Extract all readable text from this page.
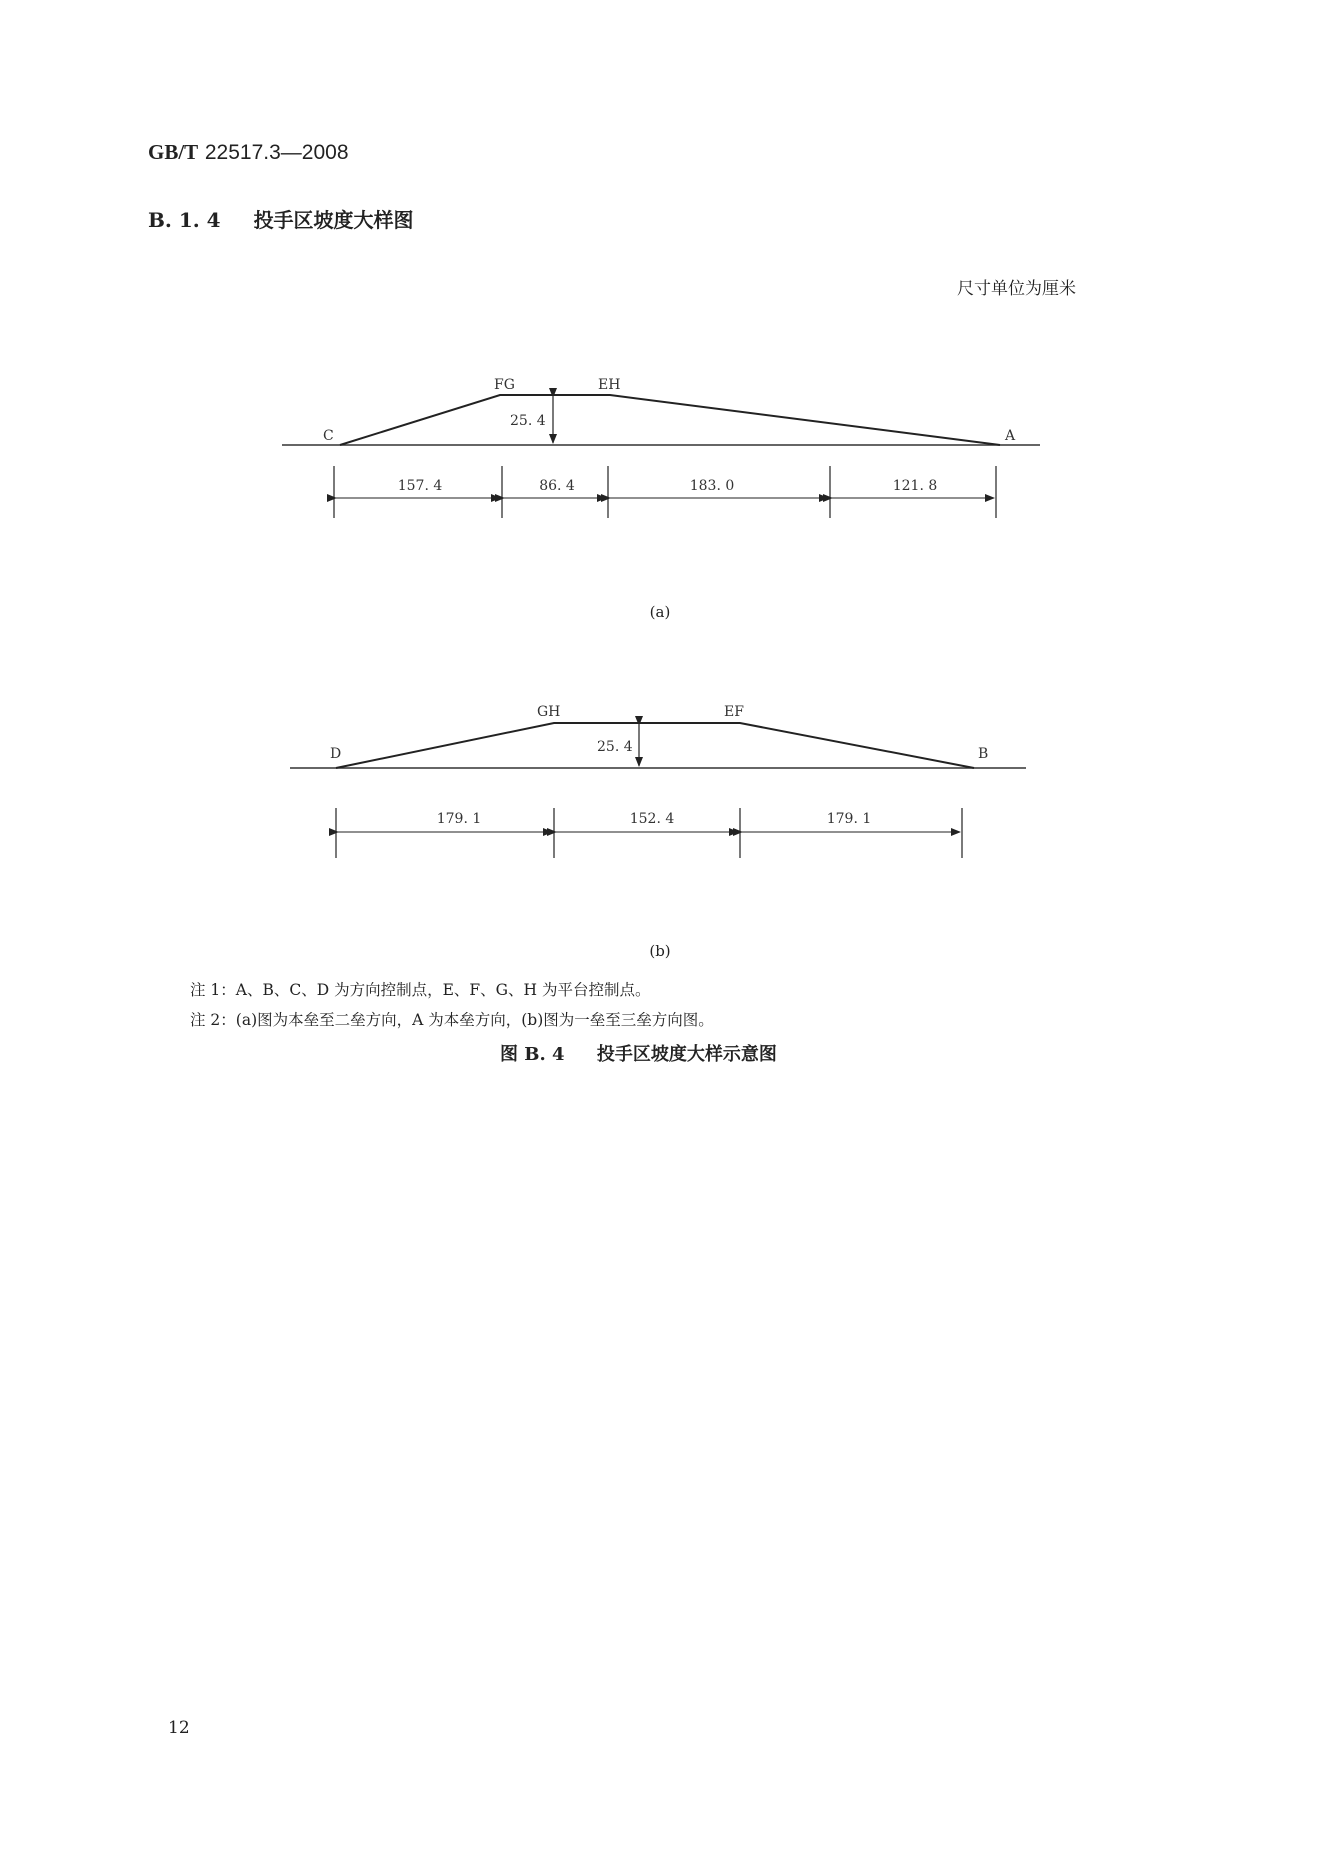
GB/T 22517.3—2008
B. 1. 4 投手区坡度大样图
尺寸单位为厘米
25. 4
C
FG	EH
A
157. 4	86. 4	183. 0	121. 8
25. 4
D
GH	EF
B
179. 1	152. 4	179. 1
(a)
(b)
注 1：A、B、C、D 为方向控制点，E、F、G、H 为平台控制点。
注 2：(a)图为本垒至二垒方向，A 为本垒方向，(b)图为一垒至三垒方向图。
图 B. 4 投手区坡度大样示意图
12
